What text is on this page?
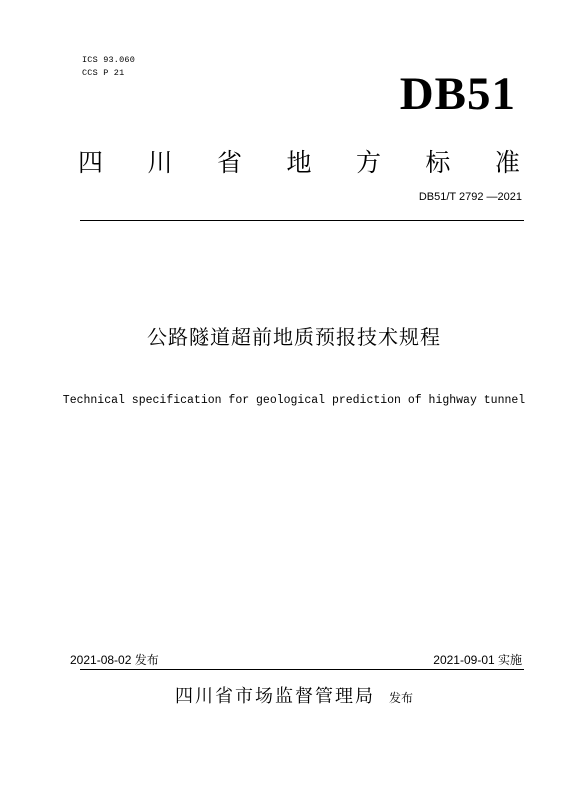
ICS 93.060
CCS P 21	DB51
四 川 省 地 方 标 准
DB51/T 2792 —2021
公路隧道超前地质预报技术规程
Technical specification for geological prediction of highway tunnel
2021-08-02 发布	2021-09-01 实施
四川省市场监督管理局 发布
